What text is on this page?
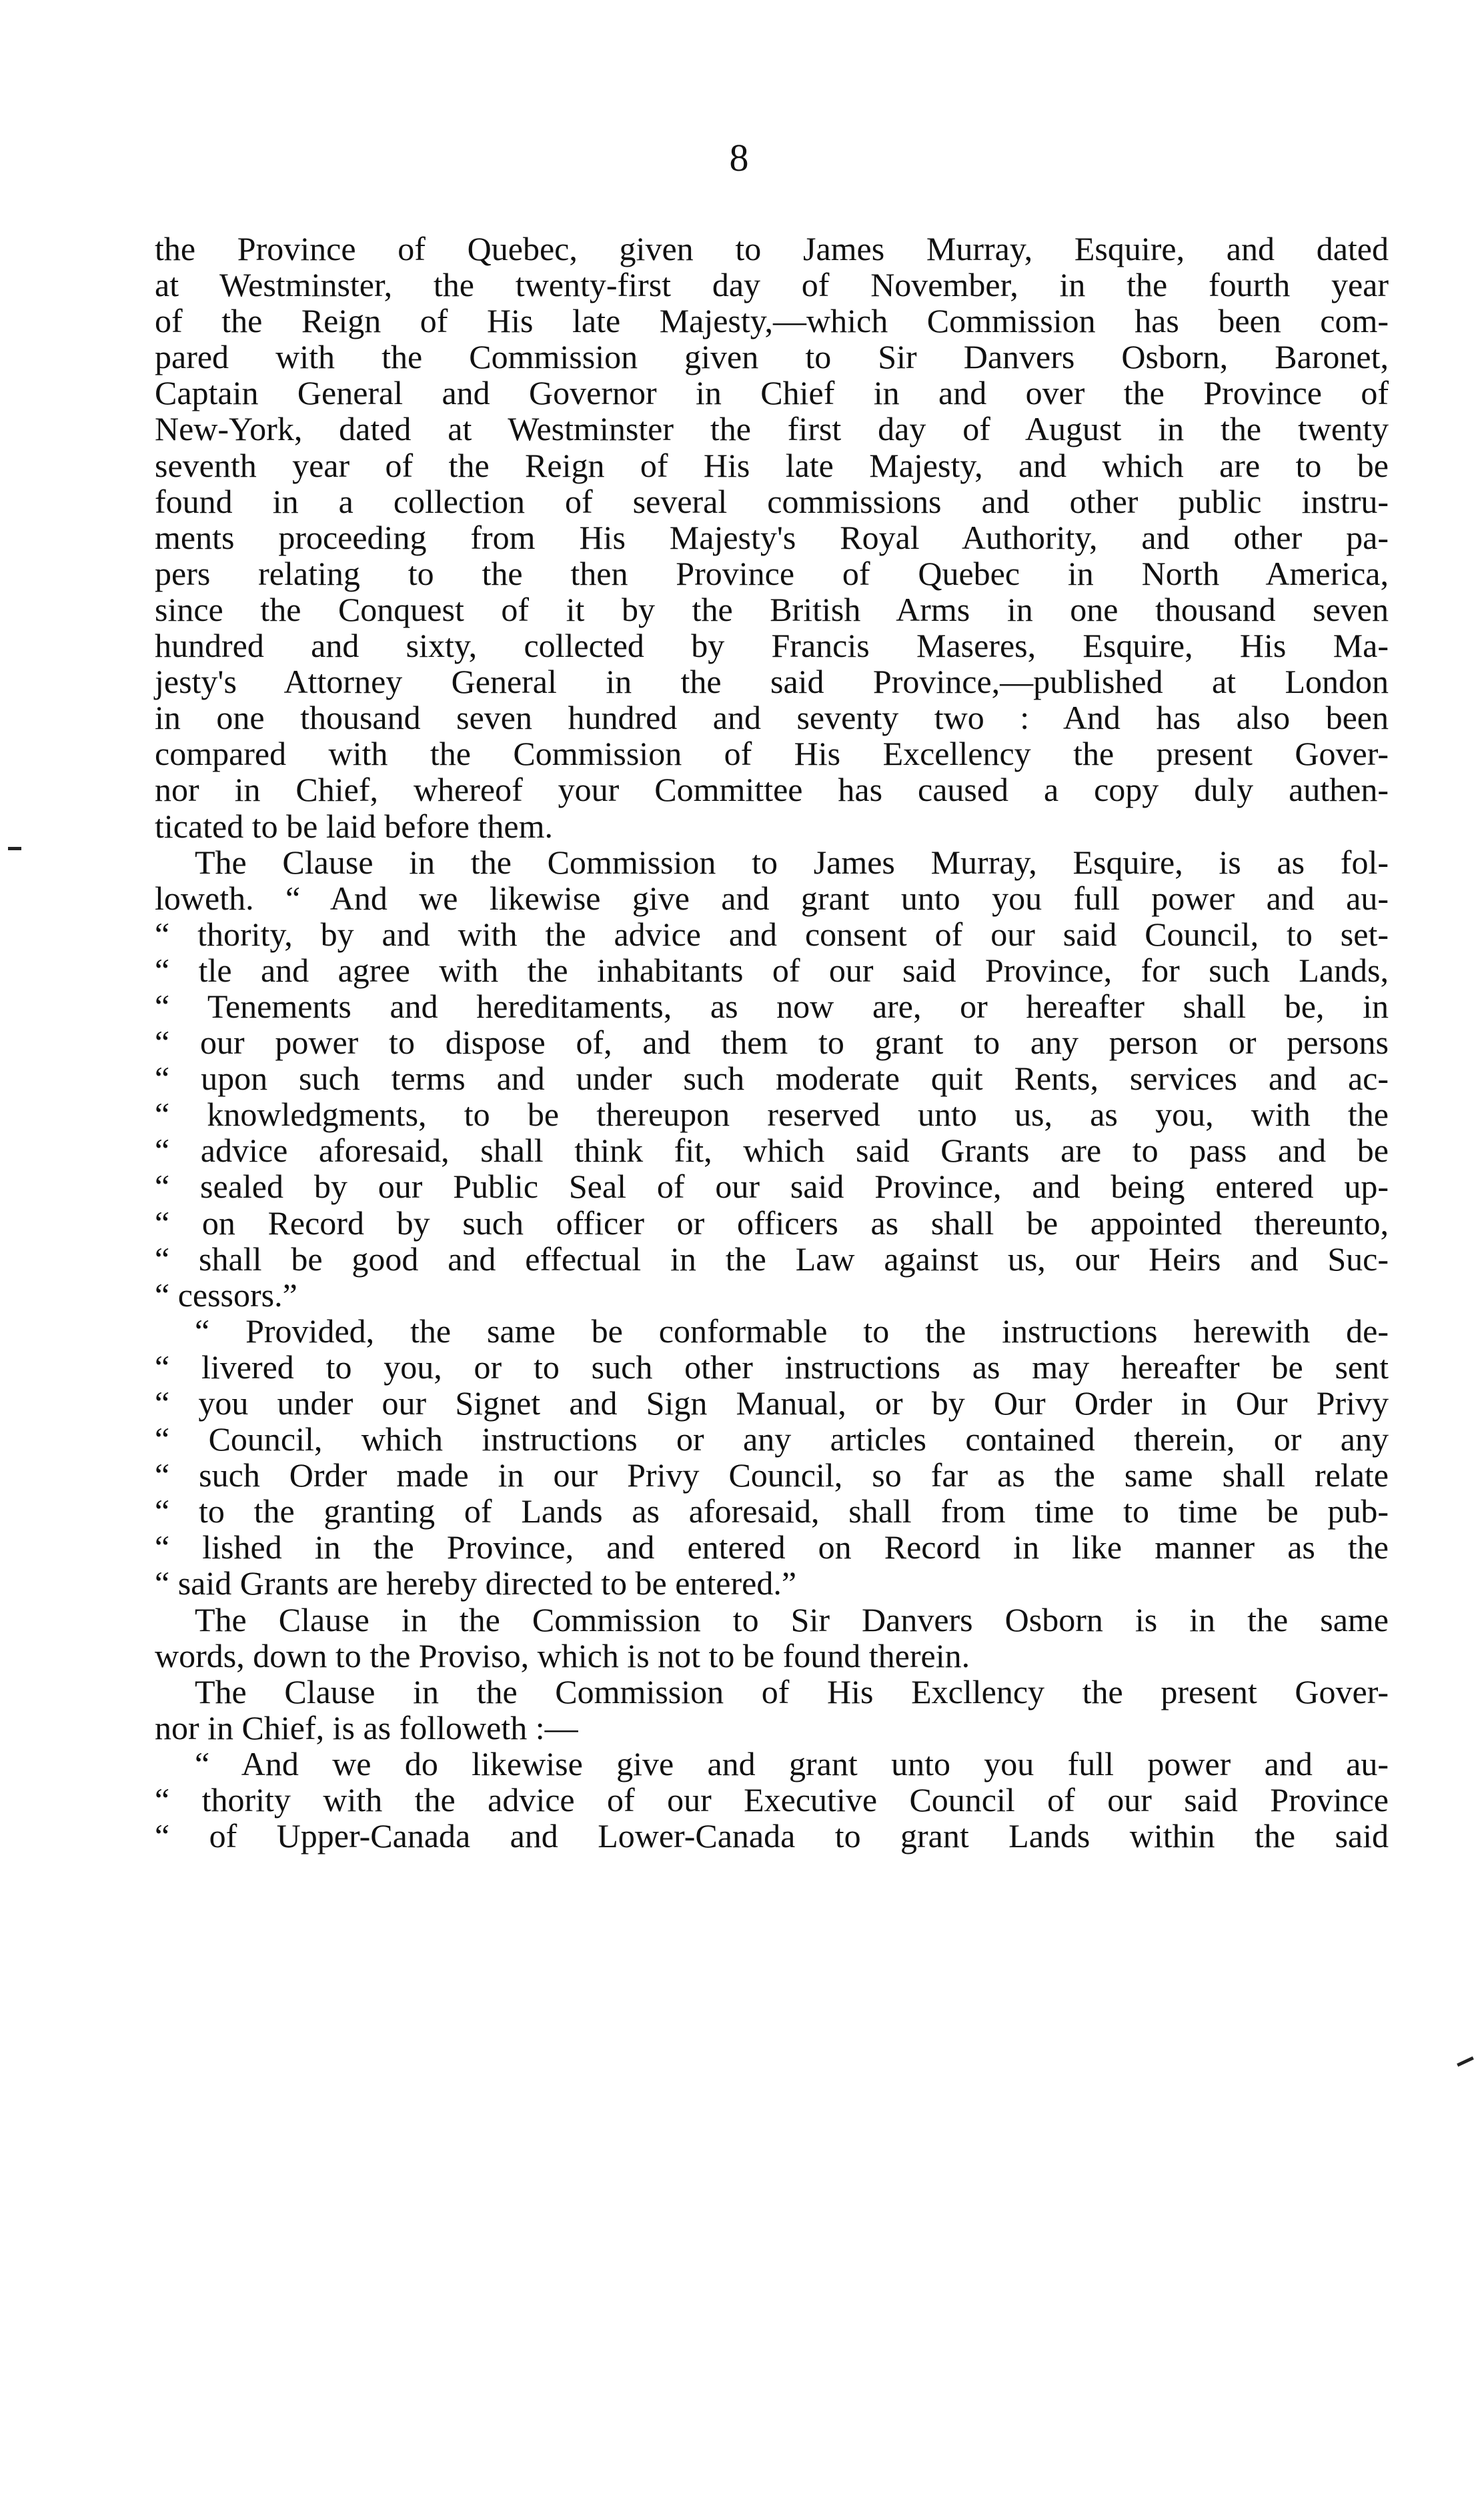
8
the Province of Quebec, given to James Murray, Esquire, and dated
at Westminster, the twenty-first day of November, in the fourth year
of the Reign of His late Majesty,—which Commission has been com-
pared with the Commission given to Sir Danvers Osborn, Baronet,
Captain General and Governor in Chief in and over the Province of
New-York, dated at Westminster the first day of August in the twenty
seventh year of the Reign of His late Majesty, and which are to be
found in a collection of several commissions and other public instru-
ments proceeding from His Majesty's Royal Authority, and other pa-
pers relating to the then Province of Quebec in North America,
since the Conquest of it by the British Arms in one thousand seven
hundred and sixty, collected by Francis Maseres, Esquire, His Ma-
jesty's Attorney General in the said Province,—published at London
in one thousand seven hundred and seventy two : And has also been
compared with the Commission of His Excellency the present Gover-
nor in Chief, whereof your Committee has caused a copy duly authen-
ticated to be laid before them.
The Clause in the Commission to James Murray, Esquire, is as fol-
loweth. “ And we likewise give and grant unto you full power and au-
“ thority, by and with the advice and consent of our said Council, to set-
“ tle and agree with the inhabitants of our said Province, for such Lands,
“ Tenements and hereditaments, as now are, or hereafter shall be, in
“ our power to dispose of, and them to grant to any person or persons
“ upon such terms and under such moderate quit Rents, services and ac-
“ knowledgments, to be thereupon reserved unto us, as you, with the
“ advice aforesaid, shall think fit, which said Grants are to pass and be
“ sealed by our Public Seal of our said Province, and being entered up-
“ on Record by such officer or officers as shall be appointed thereunto,
“ shall be good and effectual in the Law against us, our Heirs and Suc-
“ cessors.”
“ Provided, the same be conformable to the instructions herewith de-
“ livered to you, or to such other instructions as may hereafter be sent
“ you under our Signet and Sign Manual, or by Our Order in Our Privy
“ Council, which instructions or any articles contained therein, or any
“ such Order made in our Privy Council, so far as the same shall relate
“ to the granting of Lands as aforesaid, shall from time to time be pub-
“ lished in the Province, and entered on Record in like manner as the
“ said Grants are hereby directed to be entered.”
The Clause in the Commission to Sir Danvers Osborn is in the same
words, down to the Proviso, which is not to be found therein.
The Clause in the Commission of His Excllency the present Gover-
nor in Chief, is as followeth :—
“ And we do likewise give and grant unto you full power and au-
“ thority with the advice of our Executive Council of our said Province
“ of Upper-Canada and Lower-Canada to grant Lands within the said
